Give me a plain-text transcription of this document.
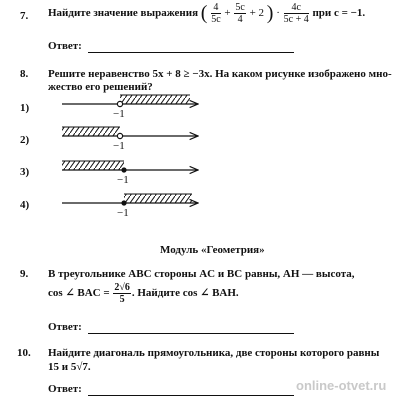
7. Найдите значение выражения ( $\frac{4}{5c} + \frac{5c}{4} + 2$ ) · $\frac{4c}{5c + 4}$ при c = −1.
Ответ:
8. Решите неравенство 5x + 8 ≥ −3x. На каком рисунке изображено мно-
жество его решений?
1)
2)
3)
4)
−1
−1
−1
−1
Модуль «Геометрия»
9. В треугольнике ABC стороны AC и BC равны, AH — высота,
cos ∠ BAC = $\frac{2√6}{5}$ . Найдите cos ∠ BAH.
Ответ:
10. Найдите диагональ прямоугольника, две стороны которого равны
15 и 5√7.
Ответ:	online-otvet.ru
